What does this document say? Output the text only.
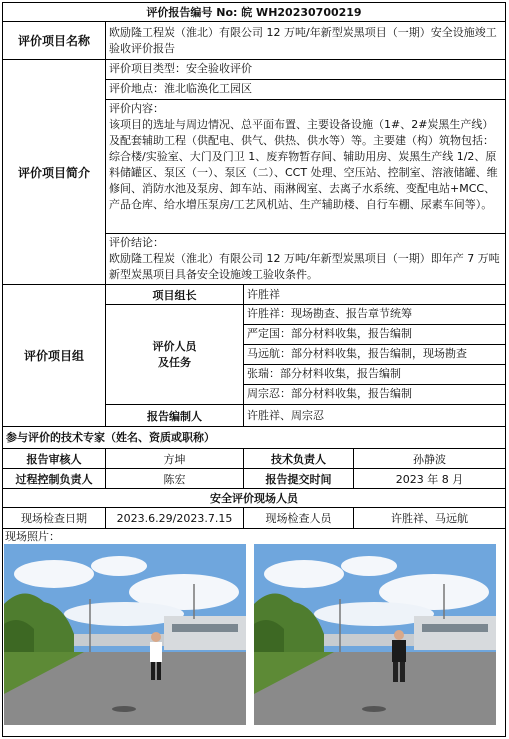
评价报告编号 No: 皖 WH20230700219
评价项目名称
欧励隆工程炭（淮北）有限公司 12 万吨/年新型炭黑项目（一期）安全设施竣工验收评价报告
评价项目简介
评价项目类型：安全验收评价
评价地点：淮北临涣化工园区
评价内容：
该项目的选址与周边情况、总平面布置、主要设备设施（1#、2#炭黑生产线）及配套辅助工程（供配电、供气、供热、供水等）等。主要建（构）筑物包括：综合楼/实验室、大门及门卫 1、废弃物暂存间、辅助用房、炭黑生产线 1/2、原料储罐区、泵区（一）、泵区（二）、CCT 处理、空压站、控制室、溶液储罐、维修间、消防水池及泵房、卸车站、雨淋阀室、去离子水系统、变配电站+MCC、产品仓库、给水增压泵房/工艺风机站、生产辅助楼、自行车棚、尿素车间等）。
评价结论：
欧励隆工程炭（淮北）有限公司 12 万吨/年新型炭黑项目（一期）即年产 7 万吨新型炭黑项目具备安全设施竣工验收条件。
评价项目组
项目组长	许胜祥
评价人员
及任务
许胜祥：现场勘查、报告章节统筹
严定国：部分材料收集，报告编制
马远航：部分材料收集，报告编制，现场勘查
张瑞：部分材料收集，报告编制
周宗忍：部分材料收集，报告编制
报告编制人	许胜祥、周宗忍
参与评价的技术专家（姓名、资质或职称）
报告审核人	方坤	技术负责人	孙静波
过程控制负责人	陈宏	报告提交时间	2023 年 8 月
安全评价现场人员
现场检查日期	2023.6.29/2023.7.15	现场检查人员	许胜祥、马远航
现场照片：
